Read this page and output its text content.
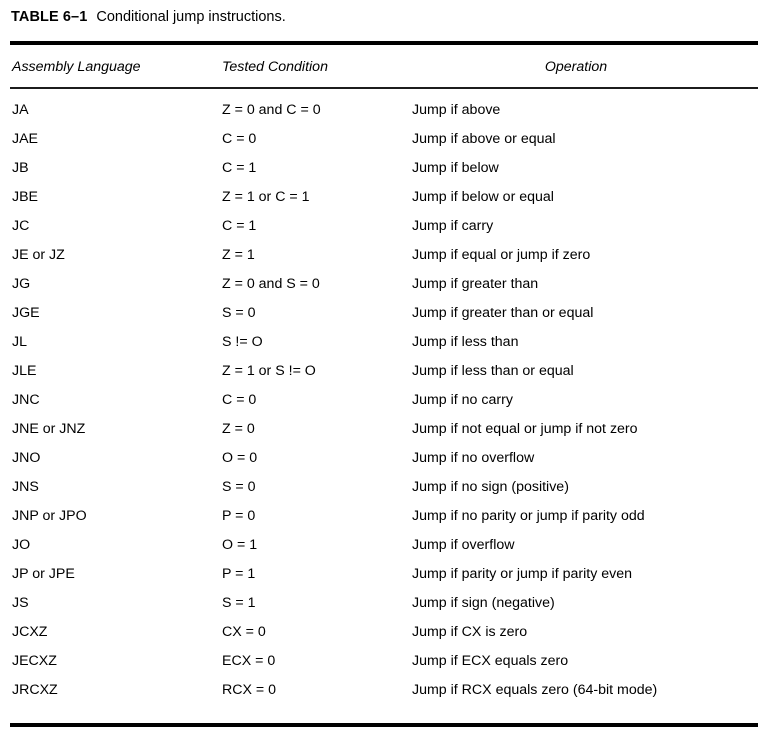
TABLE 6–1 Conditional jump instructions.
Assembly Language	Tested Condition	Operation
JA	Z = 0 and C = 0	Jump if above
JAE	C = 0	Jump if above or equal
JB	C = 1	Jump if below
JBE	Z = 1 or C = 1	Jump if below or equal
JC	C = 1	Jump if carry
JE or JZ	Z = 1	Jump if equal or jump if zero
JG	Z = 0 and S = 0	Jump if greater than
JGE	S = 0	Jump if greater than or equal
JL	S != O	Jump if less than
JLE	Z = 1 or S != O	Jump if less than or equal
JNC	C = 0	Jump if no carry
JNE or JNZ	Z = 0	Jump if not equal or jump if not zero
JNO	O = 0	Jump if no overflow
JNS	S = 0	Jump if no sign (positive)
JNP or JPO	P = 0	Jump if no parity or jump if parity odd
JO	O = 1	Jump if overflow
JP or JPE	P = 1	Jump if parity or jump if parity even
JS	S = 1	Jump if sign (negative)
JCXZ	CX = 0	Jump if CX is zero
JECXZ	ECX = 0	Jump if ECX equals zero
JRCXZ	RCX = 0	Jump if RCX equals zero (64-bit mode)
